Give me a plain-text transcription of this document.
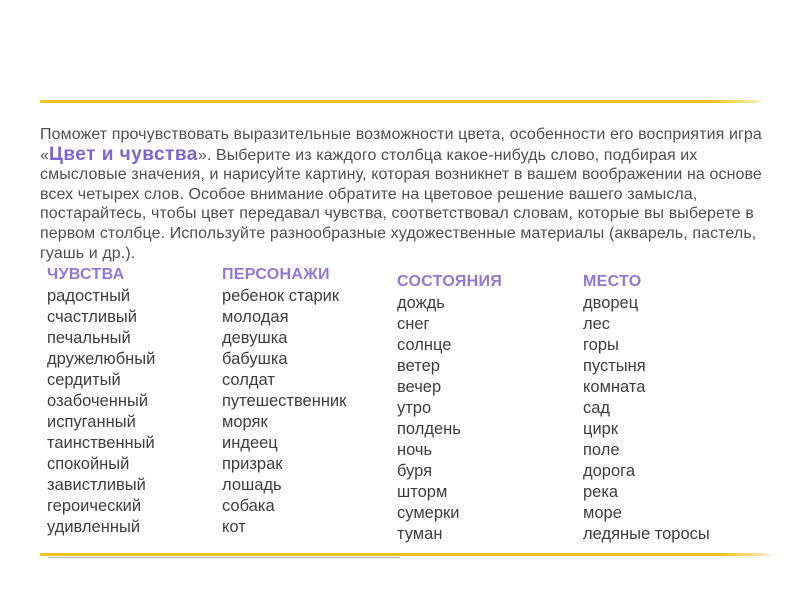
Поможет прочувствовать выразительные возможности цвета, особенности его восприятия игра «Цвет и чувства». Выберите из каждого столбца какое-нибудь слово, подбирая их смысловые значения, и нарисуйте картину, которая возникнет в вашем воображении на основе всех четырех слов. Особое внимание обратите на цветовое решение вашего замысла, постарайтесь, чтобы цвет передавал чувства, соответствовал словам, которые вы выберете в первом столбце. Используйте разнообразные художественные материалы (акварель, пастель, гуашь и др.).

ЧУВСТВА
радостный
счастливый
печальный
дружелюбный
сердитый
озабоченный
испуганный
таинственный
спокойный
завистливый
героический
удивленный
ПЕРСОНАЖИ
ребенок старик
молодая
девушка
бабушка
солдат
путешественник
моряк
индеец
призрак
лошадь
собака
кот
СОСТОЯНИЯ
дождь
снег
солнце
ветер
вечер
утро
полдень
ночь
буря
шторм
сумерки
туман
МЕСТО
дворец
лес
горы
пустыня
комната
сад
цирк
поле
дорога
река
море
ледяные торосы
